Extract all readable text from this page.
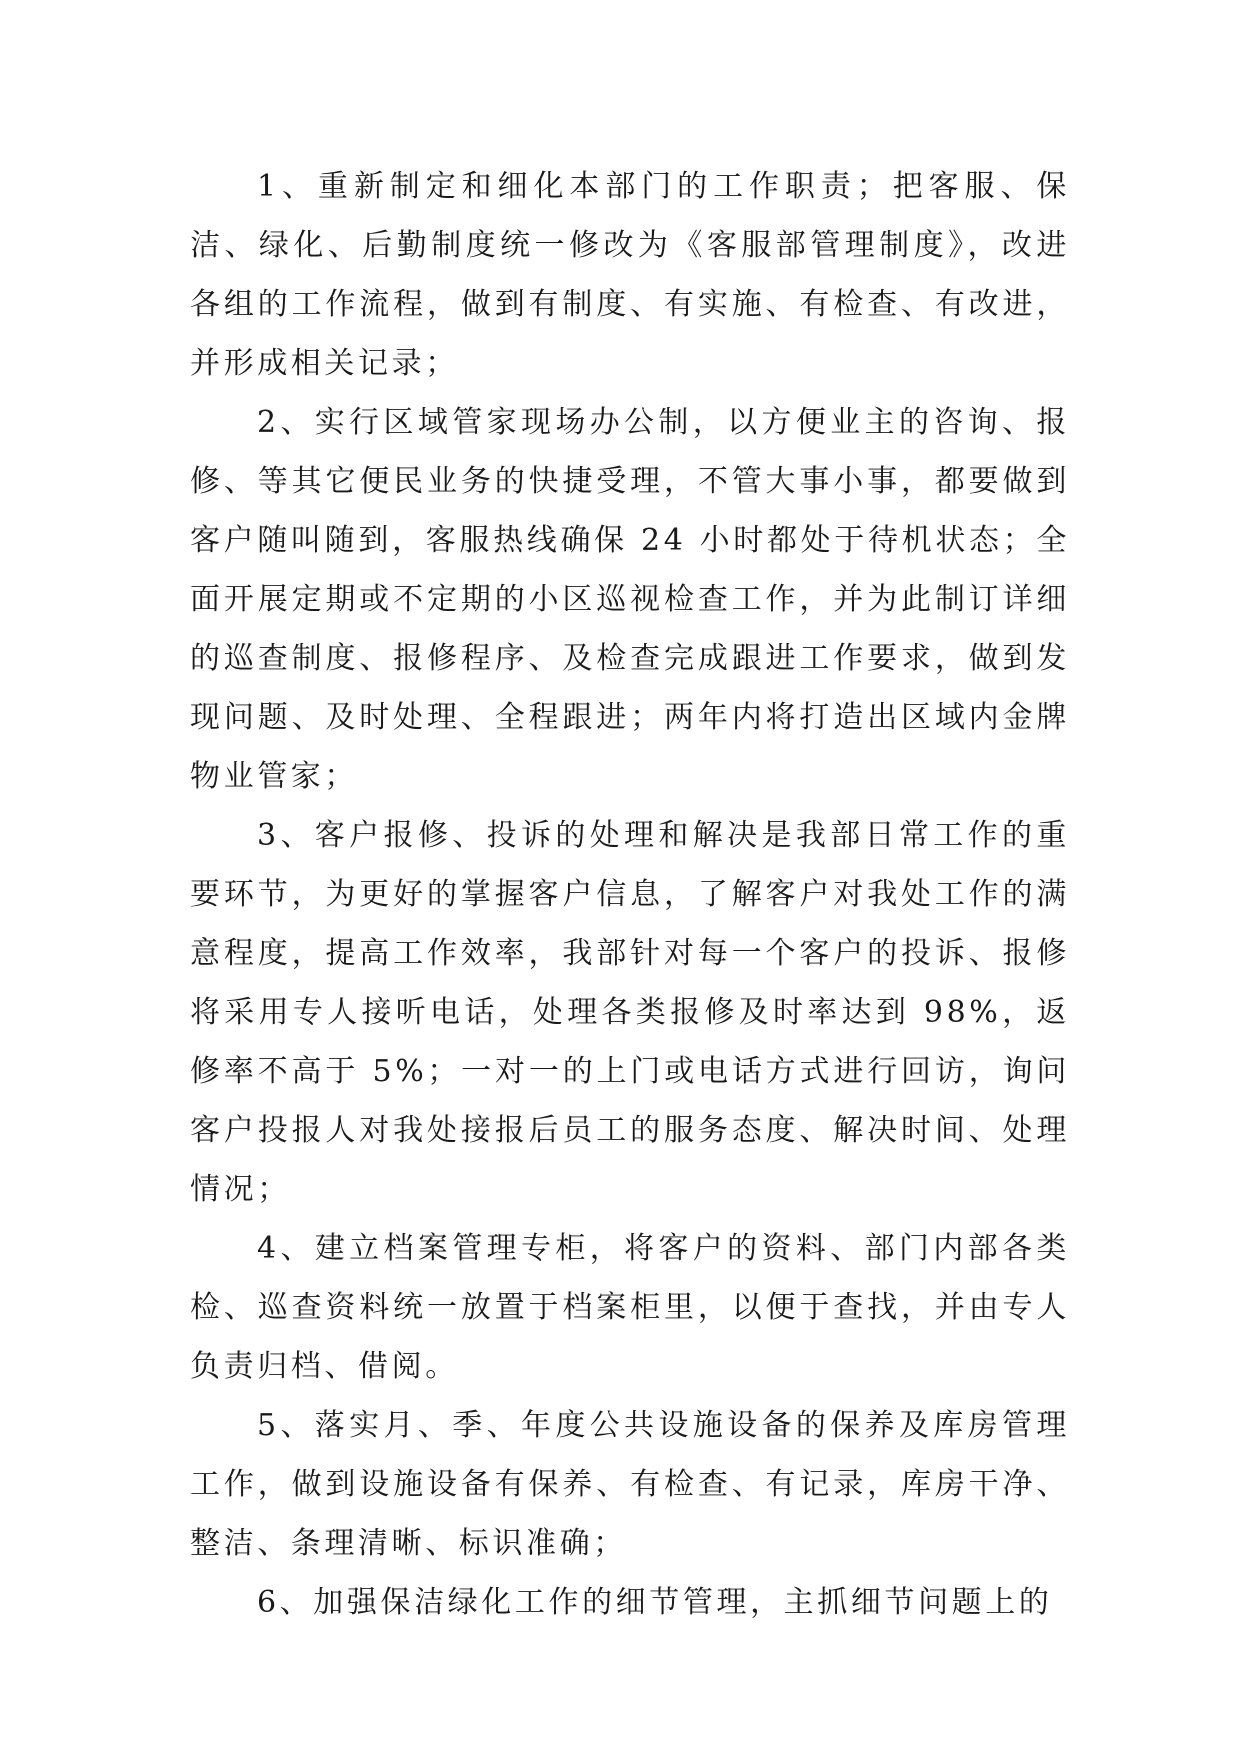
1、重新制定和细化本部门的工作职责；把客服、保洁、绿化、后勤制度统一修改为《客服部管理制度》，改进各组的工作流程，做到有制度、有实施、有检查、有改进，并形成相关记录；

2、实行区域管家现场办公制，以方便业主的咨询、报修、等其它便民业务的快捷受理，不管大事小事，都要做到客户随叫随到，客服热线确保 24 小时都处于待机状态；全面开展定期或不定期的小区巡视检查工作，并为此制订详细的巡查制度、报修程序、及检查完成跟进工作要求，做到发现问题、及时处理、全程跟进；两年内将打造出区域内金牌物业管家；

3、客户报修、投诉的处理和解决是我部日常工作的重要环节，为更好的掌握客户信息，了解客户对我处工作的满意程度，提高工作效率，我部针对每一个客户的投诉、报修将采用专人接听电话，处理各类报修及时率达到 98%，返修率不高于 5%；一对一的上门或电话方式进行回访，询问客户投报人对我处接报后员工的服务态度、解决时间、处理情况；

4、建立档案管理专柜，将客户的资料、部门内部各类检、巡查资料统一放置于档案柜里，以便于查找，并由专人负责归档、借阅。

5、落实月、季、年度公共设施设备的保养及库房管理工作，做到设施设备有保养、有检查、有记录，库房干净、整洁、条理清晰、标识准确；

6、加强保洁绿化工作的细节管理，主抓细节问题上的
